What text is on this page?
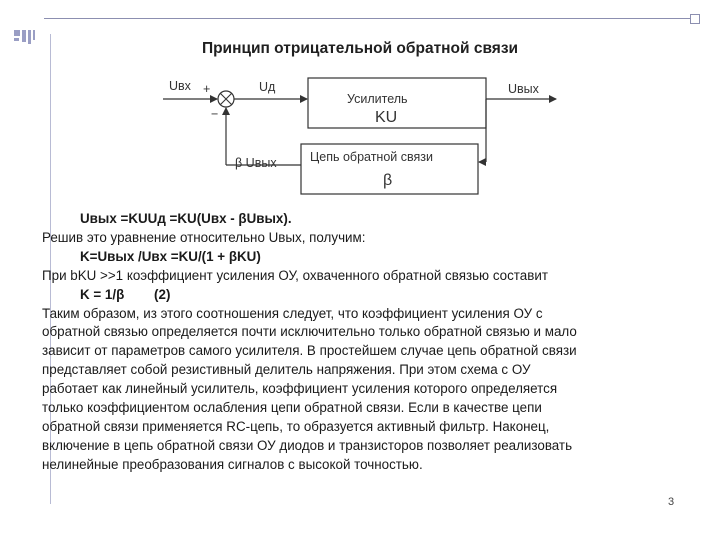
Принцип отрицательной обратной связи
Uвх +
−
Uд
Усилитель
KU
Uвых
β Uвых	Цепь обратной связи
β
Uвых =KUUд =KU(Uвх - βUвых).
Решив это уравнение относительно Uвых, получим:
K=Uвых /Uвх =KU/(1 + βKU)
При bKU >>1 коэффициент усиления ОУ, охваченного обратной связью составит
K = 1/β        (2)
Таким образом, из этого соотношения следует, что коэффициент усиления ОУ с
обратной связью определяется почти исключительно только обратной связью и мало
зависит от параметров самого усилителя. В простейшем случае цепь обратной связи
представляет собой резистивный делитель напряжения. При этом схема с ОУ
работает как линейный усилитель, коэффициент усиления которого определяется
только коэффициентом ослабления цепи обратной связи. Если в качестве цепи
обратной связи применяется RC-цепь, то образуется активный фильтр. Наконец,
включение в цепь обратной связи ОУ диодов и транзисторов позволяет реализовать
нелинейные преобразования сигналов с высокой точностью.
3
